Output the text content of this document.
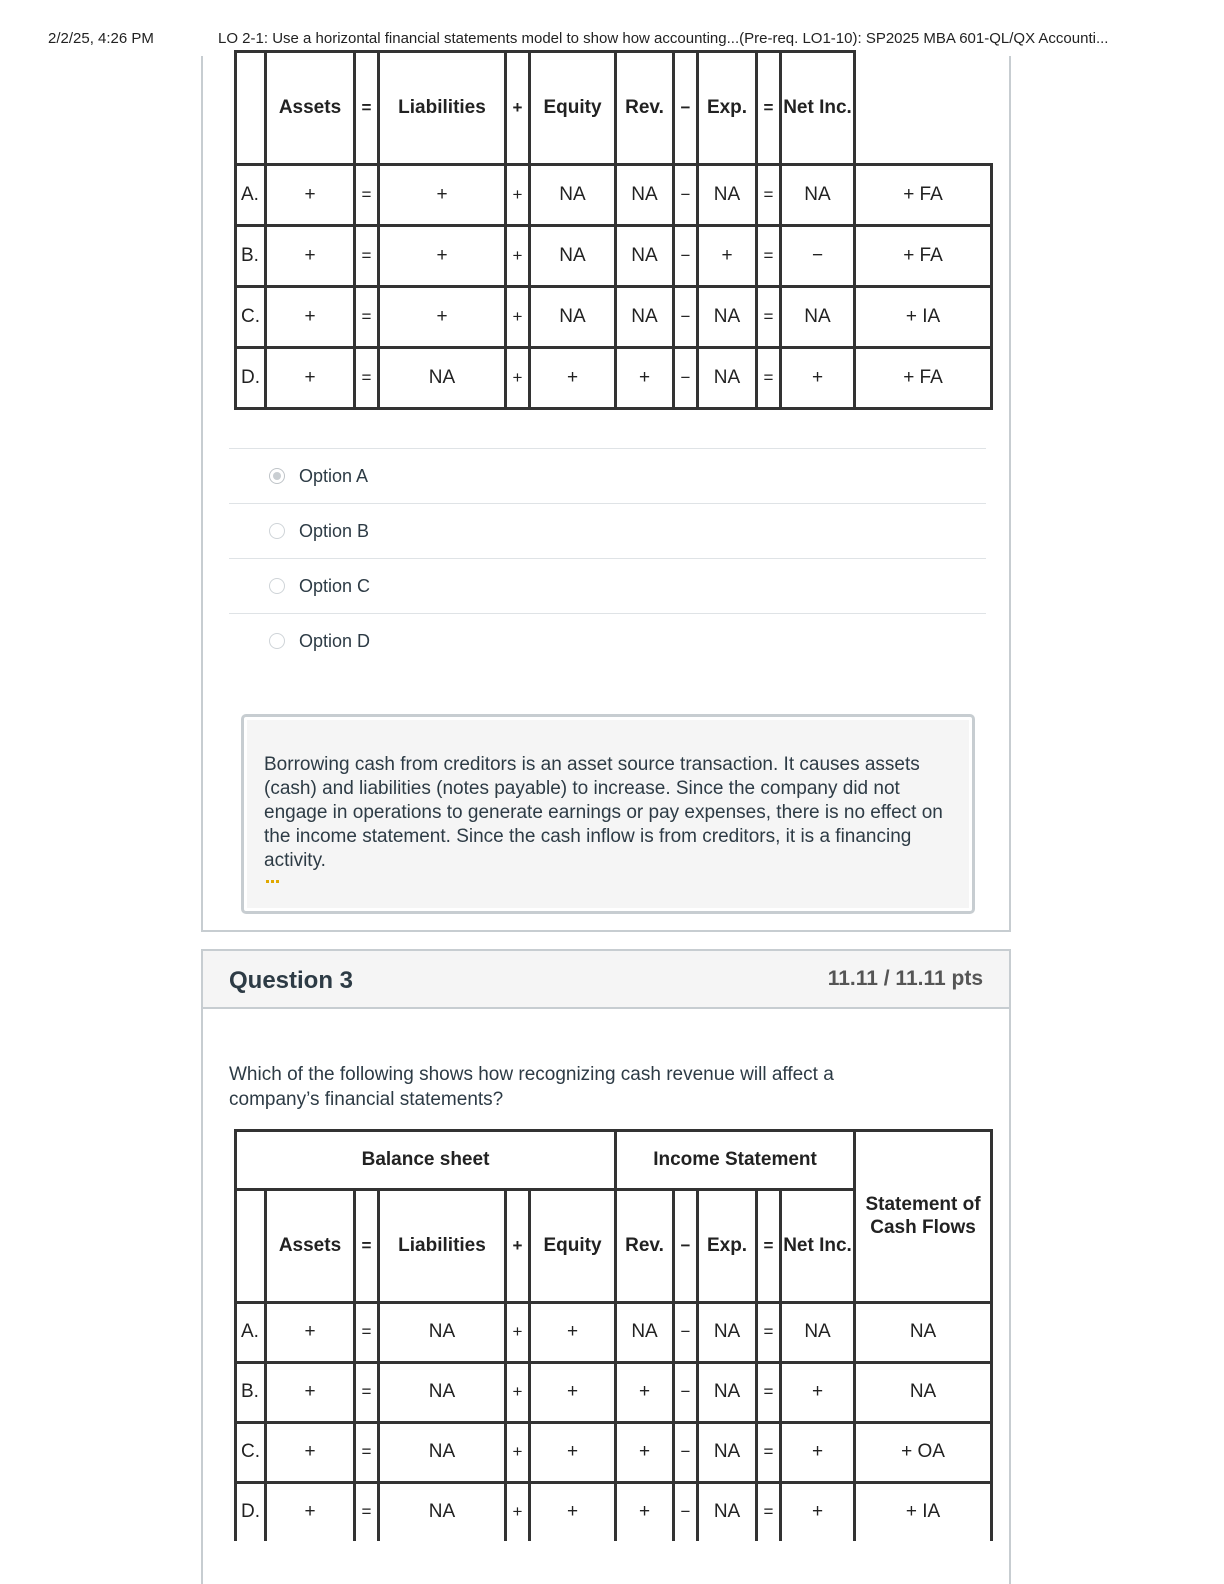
2/2/25, 4:26 PM	LO 2-1: Use a horizontal financial statements model to show how accounting...(Pre-req. LO1-10): SP2025 MBA 601-QL/QX Accounti...
	Assets	=	Liabilities	+	Equity	Rev.	−	Exp.	=	Net Inc.	
A.	+	=	+	+	NA	NA	−	NA	=	NA	+ FA
B.	+	=	+	+	NA	NA	−	+	=	−	+ FA
C.	+	=	+	+	NA	NA	−	NA	=	NA	+ IA
D.	+	=	NA	+	+	+	−	NA	=	+	+ FA
Option A
Option B
Option C
Option D
Borrowing cash from creditors is an asset source transaction. It causes assets (cash) and liabilities (notes payable) to increase. Since the company did not engage in operations to generate earnings or pay expenses, there is no effect on the income statement. Since the cash inflow is from creditors, it is a financing activity.
Question 3	11.11 / 11.11 pts
Which of the following shows how recognizing cash revenue will affect a company’s financial statements?
Balance sheet						Income Statement					Statement of Cash Flows
	Assets	=	Liabilities	+	Equity	Rev.	−	Exp.	=	Net Inc.	
A.	+	=	NA	+	+	NA	−	NA	=	NA	NA
B.	+	=	NA	+	+	+	−	NA	=	+	NA
C.	+	=	NA	+	+	+	−	NA	=	+	+ OA
D.	+	=	NA	+	+	+	−	NA	=	+	+ IA
